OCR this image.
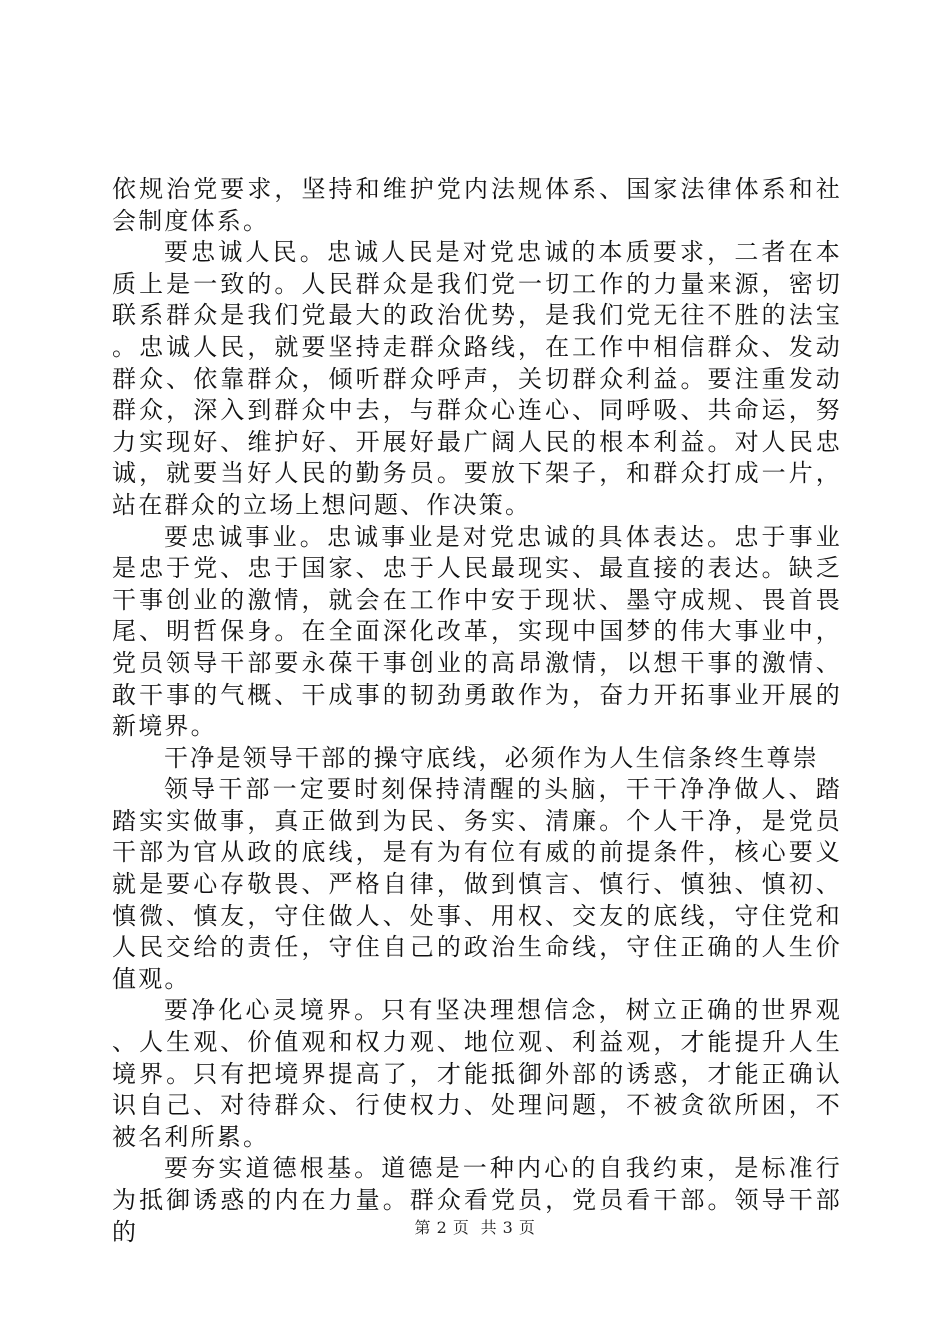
依规治党要求，坚持和维护党内法规体系、国家法律体系和社会制度体系。

要忠诚人民。忠诚人民是对党忠诚的本质要求，二者在本质上是一致的。人民群众是我们党一切工作的力量来源，密切联系群众是我们党最大的政治优势，是我们党无往不胜的法宝。忠诚人民，就要坚持走群众路线，在工作中相信群众、发动群众、依靠群众，倾听群众呼声，关切群众利益。要注重发动群众，深入到群众中去，与群众心连心、同呼吸、共命运，努力实现好、维护好、开展好最广阔人民的根本利益。对人民忠诚，就要当好人民的勤务员。要放下架子，和群众打成一片，站在群众的立场上想问题、作决策。

要忠诚事业。忠诚事业是对党忠诚的具体表达。忠于事业是忠于党、忠于国家、忠于人民最现实、最直接的表达。缺乏干事创业的激情，就会在工作中安于现状、墨守成规、畏首畏尾、明哲保身。在全面深化改革，实现中国梦的伟大事业中，党员领导干部要永葆干事创业的高昂激情，以想干事的激情、敢干事的气概、干成事的韧劲勇敢作为，奋力开拓事业开展的新境界。

干净是领导干部的操守底线，必须作为人生信条终生尊崇

领导干部一定要时刻保持清醒的头脑，干干净净做人、踏踏实实做事，真正做到为民、务实、清廉。个人干净，是党员干部为官从政的底线，是有为有位有威的前提条件，核心要义就是要心存敬畏、严格自律，做到慎言、慎行、慎独、慎初、慎微、慎友，守住做人、处事、用权、交友的底线，守住党和人民交给的责任，守住自己的政治生命线，守住正确的人生价值观。

要净化心灵境界。只有坚决理想信念，树立正确的世界观、人生观、价值观和权力观、地位观、利益观，才能提升人生境界。只有把境界提高了，才能抵御外部的诱惑，才能正确认识自己、对待群众、行使权力、处理问题，不被贪欲所困，不被名利所累。

要夯实道德根基。道德是一种内心的自我约束，是标准行为抵御诱惑的内在力量。群众看党员，党员看干部。领导干部的	第 2 页 共 3 页
